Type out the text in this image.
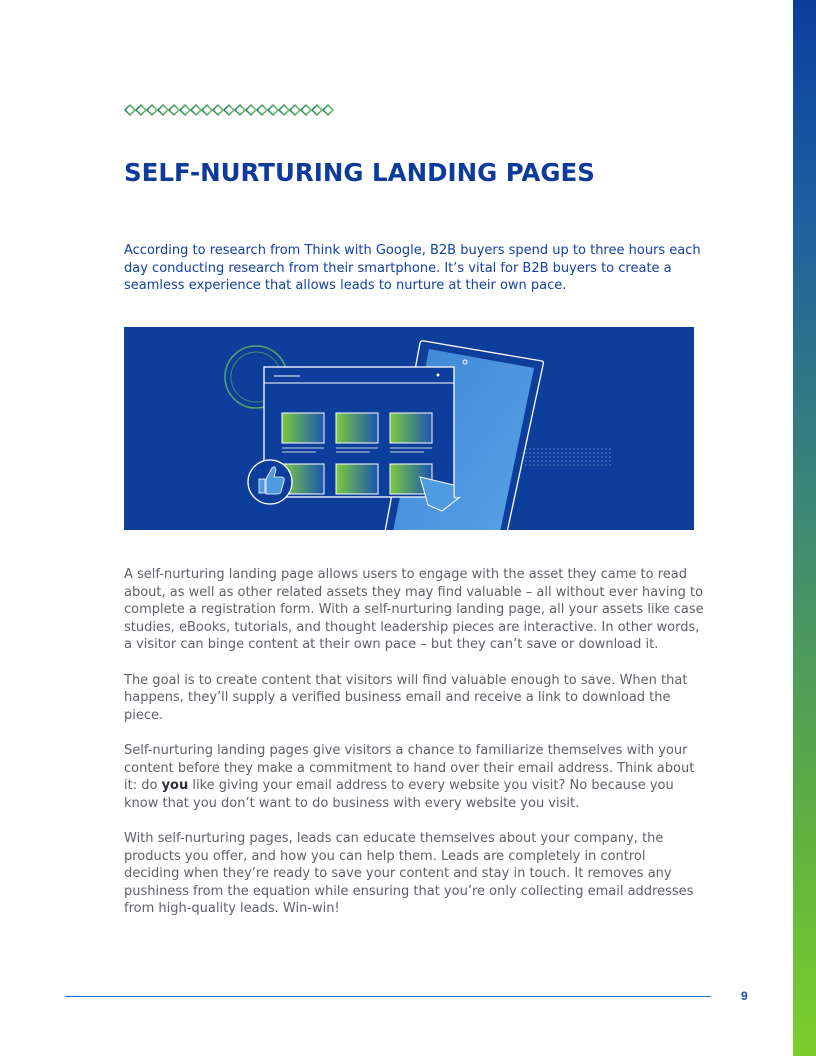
SELF-NURTURING LANDING PAGES

According to research from Think with Google, B2B buyers spend up to three hours each day conducting research from their smartphone. It’s vital for B2B buyers to create a seamless experience that allows leads to nurture at their own pace.

A self-nurturing landing page allows users to engage with the asset they came to read about, as well as other related assets they may find valuable – all without ever having to complete a registration form. With a self-nurturing landing page, all your assets like case studies, eBooks, tutorials, and thought leadership pieces are interactive. In other words, a visitor can binge content at their own pace – but they can’t save or download it.

The goal is to create content that visitors will find valuable enough to save. When that happens, they’ll supply a verified business email and receive a link to download the piece.

Self-nurturing landing pages give visitors a chance to familiarize themselves with your content before they make a commitment to hand over their email address. Think about it: do you like giving your email address to every website you visit? No because you know that you don’t want to do business with every website you visit.

With self-nurturing pages, leads can educate themselves about your company, the products you offer, and how you can help them. Leads are completely in control deciding when they’re ready to save your content and stay in touch. It removes any pushiness from the equation while ensuring that you’re only collecting email addresses from high-quality leads. Win-win!

9
